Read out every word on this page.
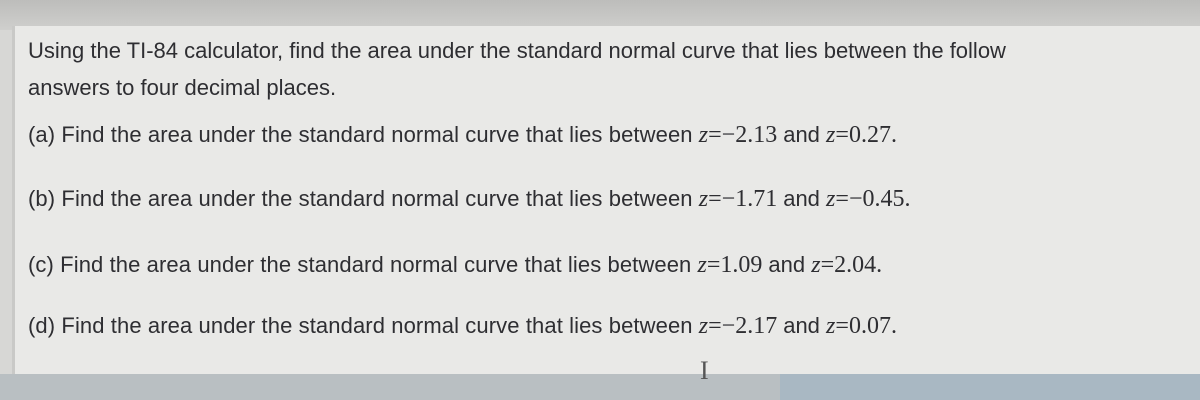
Using the TI-84 calculator, find the area under the standard normal curve that lies between the follow
answers to four decimal places.
(a) Find the area under the standard normal curve that lies between z=−2.13 and z=0.27.
(b) Find the area under the standard normal curve that lies between z=−1.71 and z=−0.45.
(c) Find the area under the standard normal curve that lies between z=1.09 and z=2.04.
(d) Find the area under the standard normal curve that lies between z=−2.17 and z=0.07.
I
